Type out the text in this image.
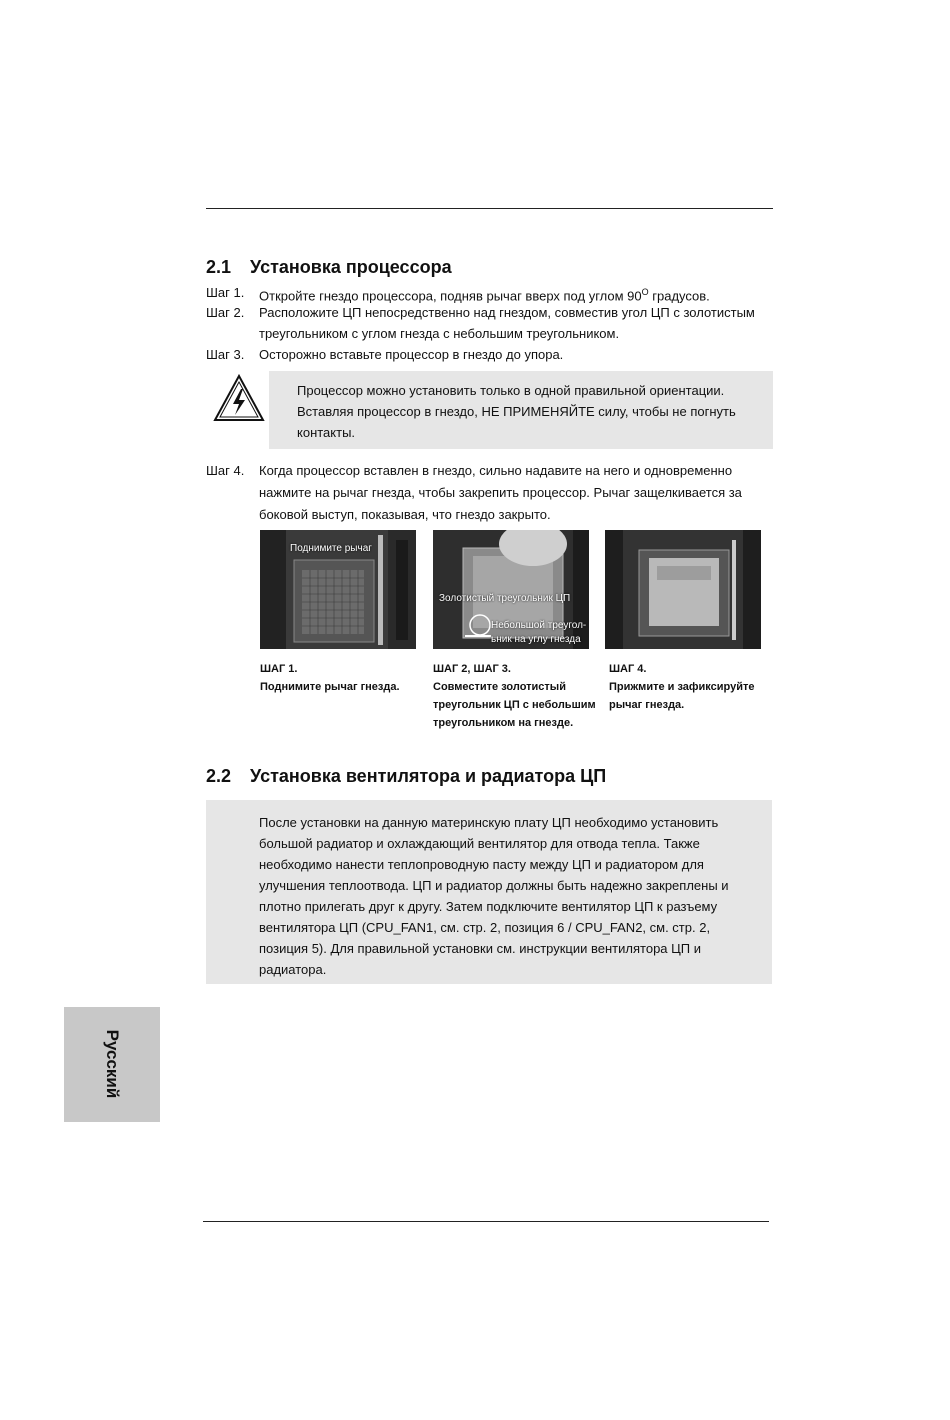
2.1 Установка процессора
Шаг 1. Откройте гнездо процессора, подняв рычаг вверх под углом $90^O$ градусов.
Шаг 2. Расположите ЦП непосредственно над гнездом, совместив угол ЦП с золотистым треугольником с углом гнезда с небольшим треугольником.
Шаг 3. Осторожно вставьте процессор в гнездо до упора.
Процессор можно установить только в одной правильной ориентации. Вставляя процессор в гнездо, НЕ ПРИМЕНЯЙТЕ силу, чтобы не погнуть контакты.
Шаг 4. Когда процессор вставлен в гнездо, сильно надавите на него и одновременно нажмите на рычаг гнезда, чтобы закрепить процессор. Рычаг защелкивается за боковой выступ, показывая, что гнездо закрыто.
Поднимите рычаг
Золотистый треугольник ЦП
Небольшой треугол-
ьник на углу гнезда
ШАГ 1.
Поднимите рычаг гнезда.
ШАГ 2, ШАГ 3.
Совместите золотистый треугольник ЦП с небольшим треугольником на гнезде.
ШАГ 4.
Прижмите и зафиксируйте рычаг гнезда.
2.2 Установка вентилятора и радиатора ЦП
После установки на данную материнскую плату ЦП необходимо установить большой радиатор и охлаждающий вентилятор для отвода тепла. Также необходимо нанести теплопроводную пасту между ЦП и радиатором для улучшения теплоотвода. ЦП и радиатор должны быть надежно закреплены и плотно прилегать друг к другу. Затем подключите вентилятор ЦП к разъему вентилятора ЦП (CPU_FAN1, см. стр. 2, позиция 6 / CPU_FAN2, см. стр. 2, позиция 5). Для правильной установки см. инструкции вентилятора ЦП и радиатора.
Русский
